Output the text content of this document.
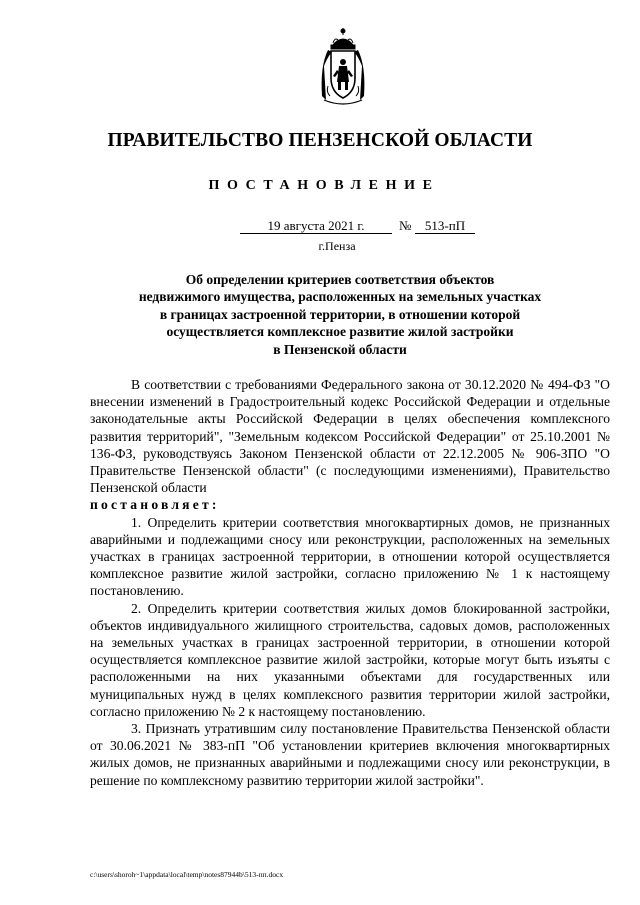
ПРАВИТЕЛЬСТВО ПЕНЗЕНСКОЙ ОБЛАСТИ
ПОСТАНОВЛЕНИЕ
19 августа 2021 г.	№	513-пП
г.Пенза
Об определении критериев соответствия объектов
недвижимого имущества, расположенных на земельных участках
в границах застроенной территории, в отношении которой
осуществляется комплексное развитие жилой застройки
в Пензенской области

В соответствии с требованиями Федерального закона от 30.12.2020 № 494-ФЗ "О внесении изменений в Градостроительный кодекс Российской Федерации и отдельные законодательные акты Российской Федерации в целях обеспечения комплексного развития территорий", "Земельным кодексом Российской Федерации" от 25.10.2001 № 136-ФЗ, руководствуясь Законом Пензенской области от 22.12.2005 № 906-ЗПО "О Правительстве Пензенской области" (с последующими изменениями), Правительство Пензенской области

постановляет:

1. Определить критерии соответствия многоквартирных домов, не признанных аварийными и подлежащими сносу или реконструкции, расположенных на земельных участках в границах застроенной территории, в отношении которой осуществляется комплексное развитие жилой застройки, согласно приложению № 1 к настоящему постановлению.

2. Определить критерии соответствия жилых домов блокированной застройки, объектов индивидуального жилищного строительства, садовых домов, расположенных на земельных участках в границах застроенной территории, в отношении которой осуществляется комплексное развитие жилой застройки, которые могут быть изъяты с расположенными на них указанными объектами для государственных или муниципальных нужд в целях комплексного развития территории жилой застройки, согласно приложению № 2 к настоящему постановлению.

3. Признать утратившим силу постановление Правительства Пензенской области от 30.06.2021 № 383-пП "Об установлении критериев включения многоквартирных жилых домов, не признанных аварийными и подлежащими сносу или реконструкции, в решение по комплексному развитию территории жилой застройки".

c:\users\shoroh~1\appdata\local\temp\notes87944b\513-пп.docx
